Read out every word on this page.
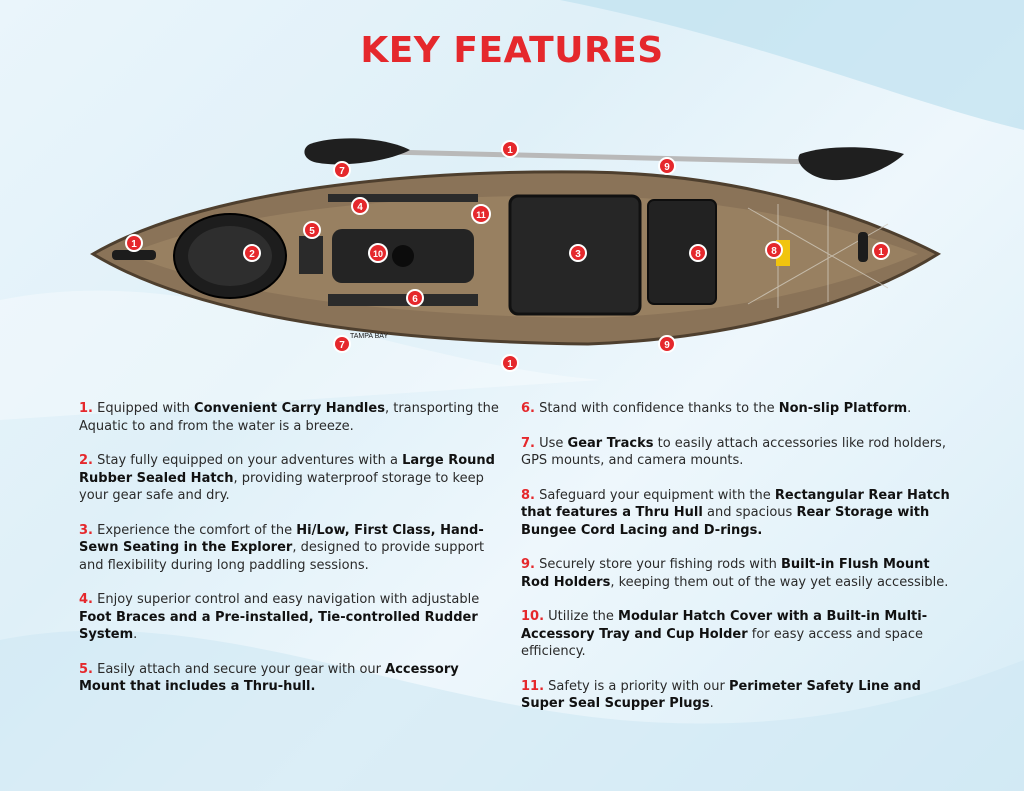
KEY FEATURES
1
1
1
1
2	3
4
5
6
7
7
8	8
9
9
10
11
TAMPA BAY

1. Equipped with Convenient Carry Handles, transporting the Aquatic to and from the water is a breeze.

2. Stay fully equipped on your adventures with a Large Round Rubber Sealed Hatch, providing waterproof storage to keep your gear safe and dry.

3. Experience the comfort of the Hi/Low, First Class, Hand-Sewn Seating in the Explorer, designed to provide support and flexibility during long paddling sessions.

4. Enjoy superior control and easy navigation with adjustable Foot Braces and a Pre-installed, Tie-controlled Rudder System.

5. Easily attach and secure your gear with our Accessory Mount that includes a Thru-hull.

6. Stand with confidence thanks to the Non-slip Platform.

7. Use Gear Tracks to easily attach accessories like rod holders, GPS mounts, and camera mounts.

8. Safeguard your equipment with the Rectangular Rear Hatch that features a Thru Hull and spacious Rear Storage with Bungee Cord Lacing and D-rings.

9. Securely store your fishing rods with Built-in Flush Mount Rod Holders, keeping them out of the way yet easily accessible.

10. Utilize the Modular Hatch Cover with a Built-in Multi-Accessory Tray and Cup Holder for easy access and space efficiency.

11. Safety is a priority with our Perimeter Safety Line and Super Seal Scupper Plugs.
